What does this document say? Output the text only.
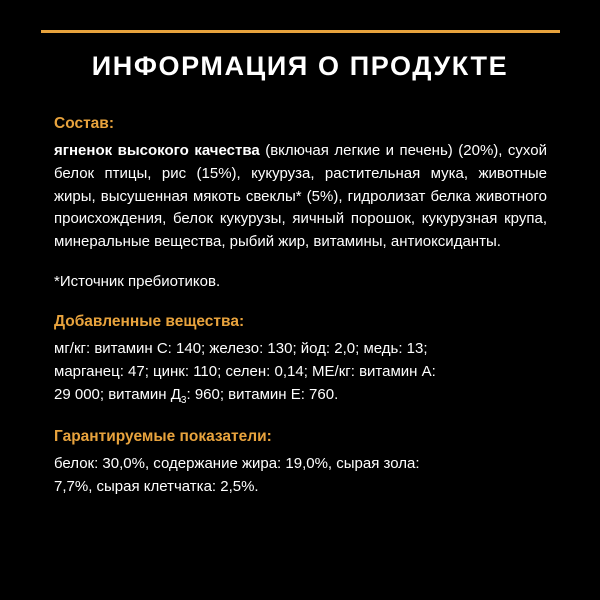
ИНФОРМАЦИЯ О ПРОДУКТЕ
Состав:

ягненок высокого качества (включая легкие и печень) (20%), сухой белок птицы, рис (15%), кукуруза, растительная мука, животные жиры, высушенная мякоть свеклы* (5%), гидролизат белка животного происхождения, белок кукурузы, яичный порошок, кукурузная крупа, минеральные вещества, рыбий жир, витамины, антиоксиданты.

*Источник пребиотиков.

Добавленные вещества:

мг/кг: витамин С: 140; железо: 130; йод: 2,0; медь: 13;

марганец: 47; цинк: 110; селен: 0,14; МЕ/кг: витамин А:

29 000; витамин $Д_3$: 960; витамин Е: 760.

Гарантируемые показатели:

белок: 30,0%, содержание жира: 19,0%, сырая зола:

7,7%, сырая клетчатка: 2,5%.
